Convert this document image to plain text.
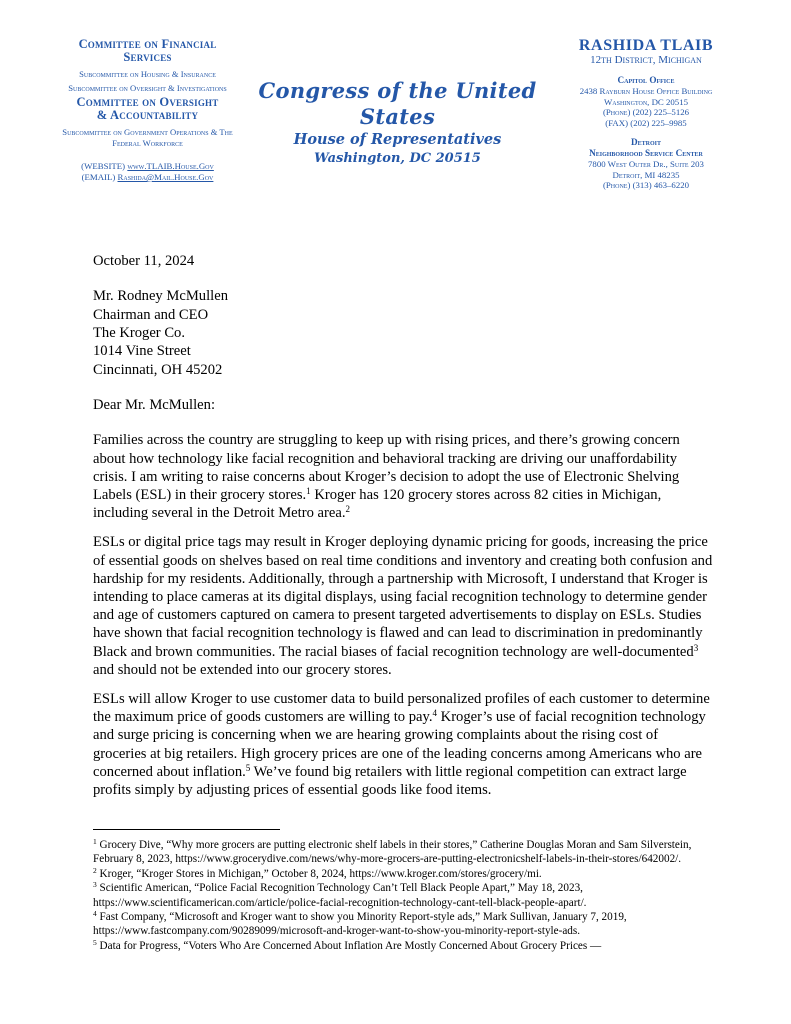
Committee on Financial Services
Subcommittee on Housing & Insurance
Subcommittee on Oversight & Investigations
Committee on Oversight
& Accountability
Subcommittee on Government Operations & The Federal Workforce
(WEBSITE) www.TLAIB.House.Gov
(EMAIL) Rashida@Mail.House.Gov
Congress of the United States
House of Representatives
Washington, DC 20515
RASHIDA TLAIB
12th District, Michigan
Capitol Office
2438 Rayburn House Office Building
Washington, DC 20515
(Phone) (202) 225–5126
(FAX) (202) 225–9985
Detroit
Neighborhood Service Center
7800 West Outer Dr., Suite 203
Detroit, MI 48235
(Phone) (313) 463–6220

October 11, 2024

Mr. Rodney McMullen

Chairman and CEO

The Kroger Co.

1014 Vine Street

Cincinnati, OH 45202

Dear Mr. McMullen:

Families across the country are struggling to keep up with rising prices, and there’s growing concern about how technology like facial recognition and behavioral tracking are driving our unaffordability crisis. I am writing to raise concerns about Kroger’s decision to adopt the use of Electronic Shelving Labels (ESL) in their grocery stores.$^1$ Kroger has 120 grocery stores across 82 cities in Michigan, including several in the Detroit Metro area.$^2$

ESLs or digital price tags may result in Kroger deploying dynamic pricing for goods, increasing the price of essential goods on shelves based on real time conditions and inventory and creating both confusion and hardship for my residents. Additionally, through a partnership with Microsoft, I understand that Kroger is intending to place cameras at its digital displays, using facial recognition technology to determine gender and age of customers captured on camera to present targeted advertisements to display on ESLs. Studies have shown that facial recognition technology is flawed and can lead to discrimination in predominantly Black and brown communities. The racial biases of facial recognition technology are well-documented$^3$ and should not be extended into our grocery stores.

ESLs will allow Kroger to use customer data to build personalized profiles of each customer to determine the maximum price of goods customers are willing to pay.$^4$ Kroger’s use of facial recognition technology and surge pricing is concerning when we are hearing growing complaints about the rising cost of groceries at big retailers. High grocery prices are one of the leading concerns among Americans who are concerned about inflation.$^5$ We’ve found big retailers with little regional competition can extract large profits simply by adjusting prices of essential goods like food items.

$^1$ Grocery Dive, “Why more grocers are putting electronic shelf labels in their stores,” Catherine Douglas Moran and Sam Silverstein, February 8, 2023, https://www.grocerydive.com/news/why-more-grocers-are-putting-electronicshelf-labels-in-their-stores/642002/.

$^2$ Kroger, “Kroger Stores in Michigan,” October 8, 2024, https://www.kroger.com/stores/grocery/mi.

$^3$ Scientific American, “Police Facial Recognition Technology Can’t Tell Black People Apart,” May 18, 2023, https://www.scientificamerican.com/article/police-facial-recognition-technology-cant-tell-black-people-apart/.

$^4$ Fast Company, “Microsoft and Kroger want to show you Minority Report-style ads,” Mark Sullivan, January 7, 2019, https://www.fastcompany.com/90289099/microsoft-and-kroger-want-to-show-you-minority-report-style-ads.

$^5$ Data for Progress, “Voters Who Are Concerned About Inflation Are Mostly Concerned About Grocery Prices —
